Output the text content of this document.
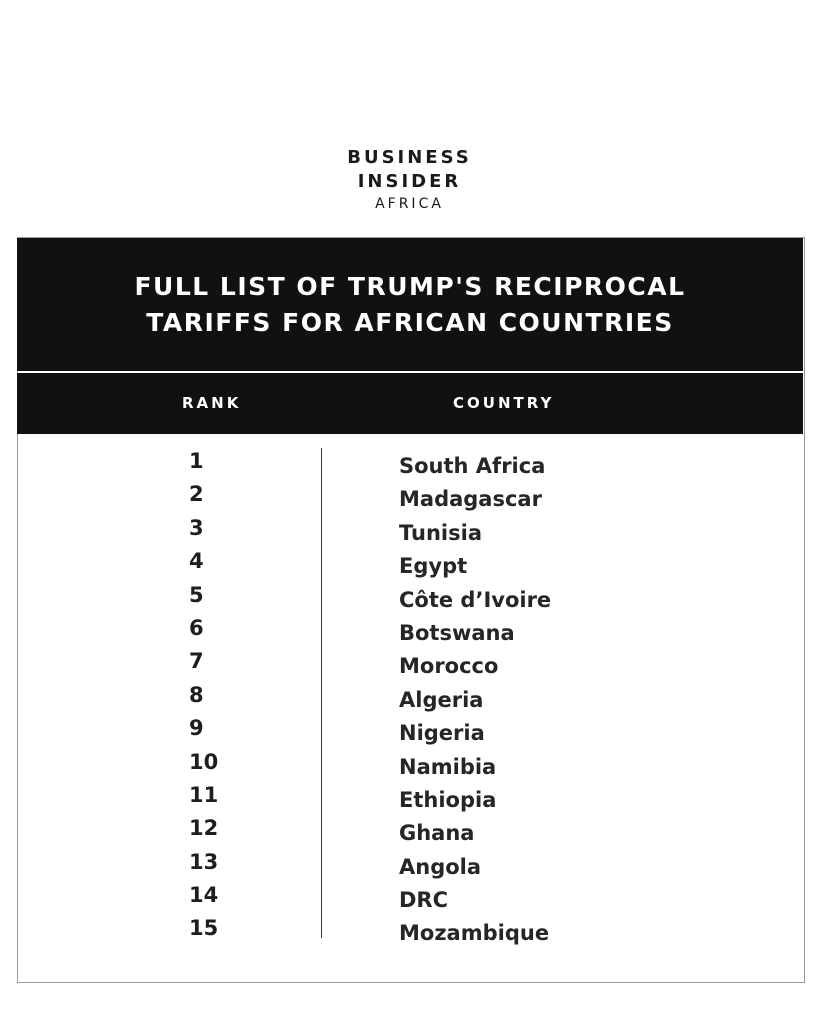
BUSINESS
INSIDER
AFRICA
FULL LIST OF TRUMP'S RECIPROCAL TARIFFS FOR AFRICAN COUNTRIES
RANK	COUNTRY
1
2
3
4
5
6
7
8
9
10
11
12
13
14
15
South Africa
Madagascar
Tunisia
Egypt
Côte d’Ivoire
Botswana
Morocco
Algeria
Nigeria
Namibia
Ethiopia
Ghana
Angola
DRC
Mozambique
